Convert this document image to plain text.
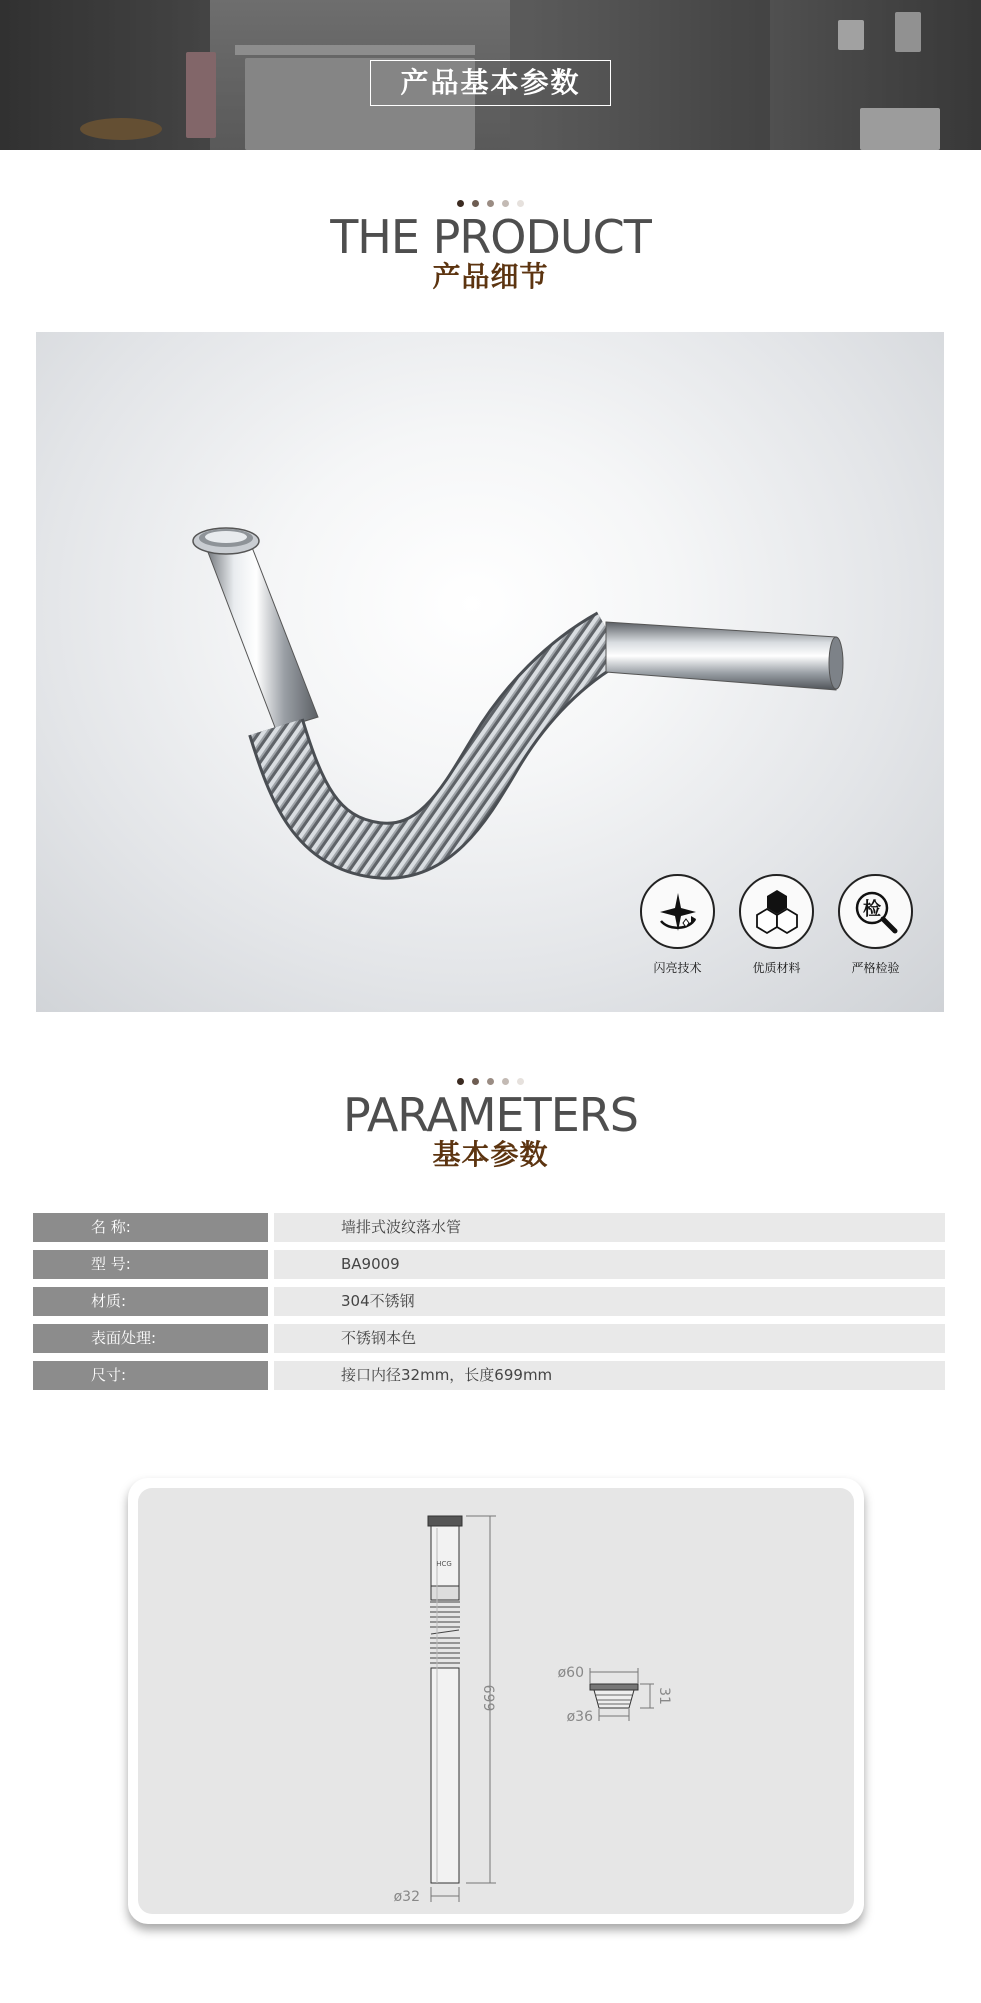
产品基本参数
THE PRODUCT
产品细节
闪亮技术	优质材料
检
严格检验
PARAMETERS
基本参数
名 称:	墙排式波纹落水管
型 号:	BA9009
材质:	304不锈钢
表面处理:	不锈钢本色
尺寸:	接口内径32mm，长度699mm
HCG
699
ø32
ø60
ø36
31
